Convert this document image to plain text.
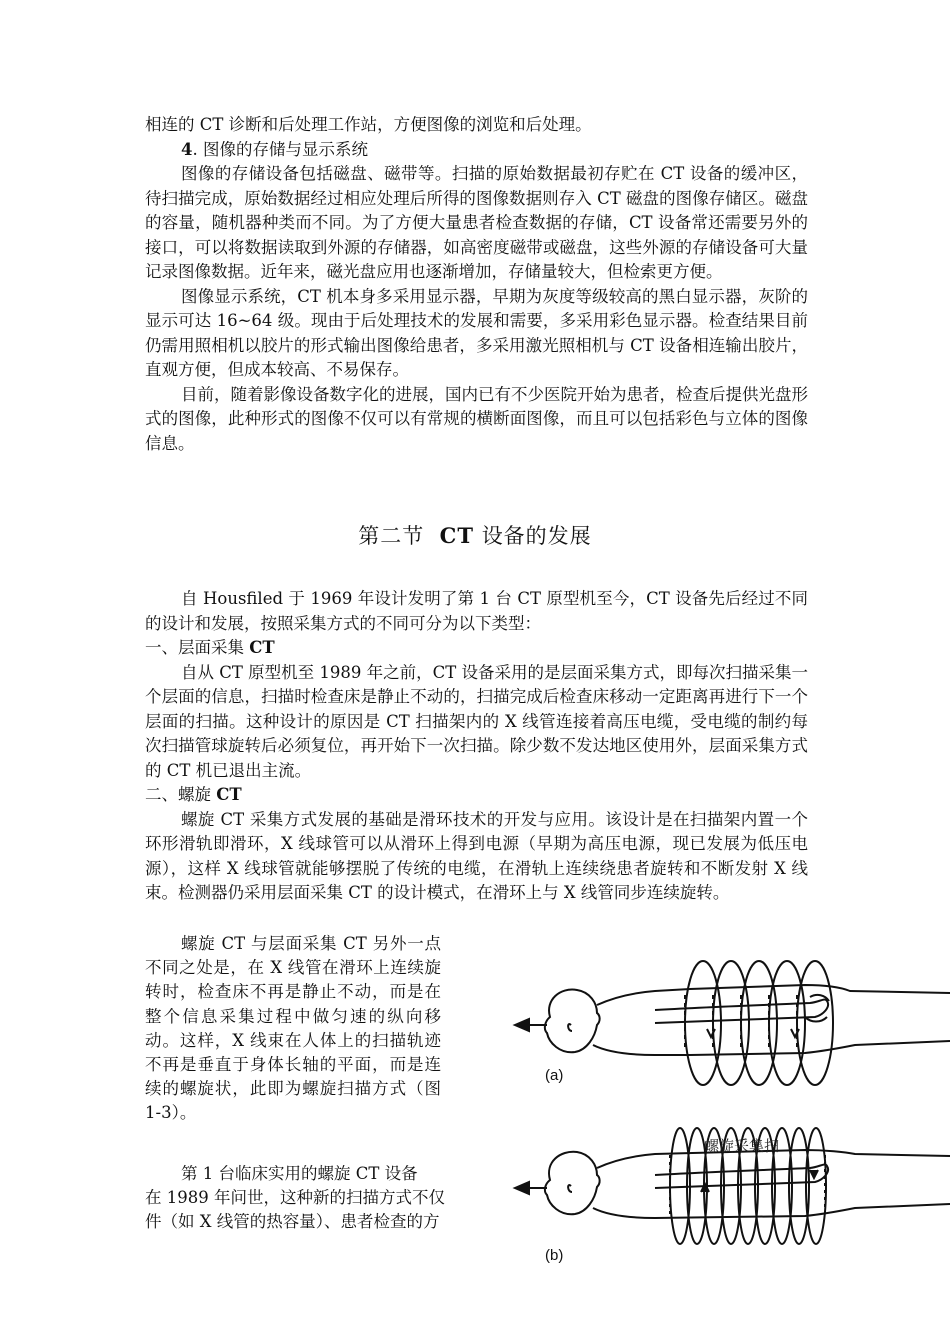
相连的 CT 诊断和后处理工作站，方便图像的浏览和后处理。

4. 图像的存储与显示系统

图像的存储设备包括磁盘、磁带等。扫描的原始数据最初存贮在 CT 设备的缓冲区，待扫描完成，原始数据经过相应处理后所得的图像数据则存入 CT 磁盘的图像存储区。磁盘的容量，随机器种类而不同。为了方便大量患者检查数据的存储，CT 设备常还需要另外的接口，可以将数据读取到外源的存储器，如高密度磁带或磁盘，这些外源的存储设备可大量记录图像数据。近年来，磁光盘应用也逐渐增加，存储量较大，但检索更方便。

图像显示系统，CT 机本身多采用显示器，早期为灰度等级较高的黑白显示器，灰阶的显示可达 16~64 级。现由于后处理技术的发展和需要，多采用彩色显示器。检查结果目前仍需用照相机以胶片的形式输出图像给患者，多采用激光照相机与 CT 设备相连输出胶片，直观方便，但成本较高、不易保存。

目前，随着影像设备数字化的进展，国内已有不少医院开始为患者，检查后提供光盘形式的图像，此种形式的图像不仅可以有常规的横断面图像，而且可以包括彩色与立体的图像信息。

第二节 CT 设备的发展

自 Housfiled 于 1969 年设计发明了第 1 台 CT 原型机至今，CT 设备先后经过不同的设计和发展，按照采集方式的不同可分为以下类型：

一、层面采集 CT

自从 CT 原型机至 1989 年之前，CT 设备采用的是层面采集方式，即每次扫描采集一个层面的信息，扫描时检查床是静止不动的，扫描完成后检查床移动一定距离再进行下一个层面的扫描。这种设计的原因是 CT 扫描架内的 X 线管连接着高压电缆，受电缆的制约每次扫描管球旋转后必须复位，再开始下一次扫描。除少数不发达地区使用外，层面采集方式的 CT 机已退出主流。

二、螺旋 CT

螺旋 CT 采集方式发展的基础是滑环技术的开发与应用。该设计是在扫描架内置一个环形滑轨即滑环，X 线球管可以从滑环上得到电源（早期为高压电源，现已发展为低压电源），这样 X 线球管就能够摆脱了传统的电缆，在滑轨上连续绕患者旋转和不断发射 X 线束。检测器仍采用层面采集 CT 的设计模式，在滑环上与 X 线管同步连续旋转。

螺旋 CT 与层面采集 CT 另外一点不同之处是，在 X 线管在滑环上连续旋转时，检查床不再是静止不动，而是在整个信息采集过程中做匀速的纵向移动。这样，X 线束在人体上的扫描轨迹不再是垂直于身体长轴的平面，而是连续的螺旋状，此即为螺旋扫描方式（图 1-3）。

第 1 台临床实用的螺旋 CT 设备

在 1989 年问世，这种新的扫描方式不仅

件（如 X 线管的热容量）、患者检查的方

(a)
(b)
螺旋采集扫
